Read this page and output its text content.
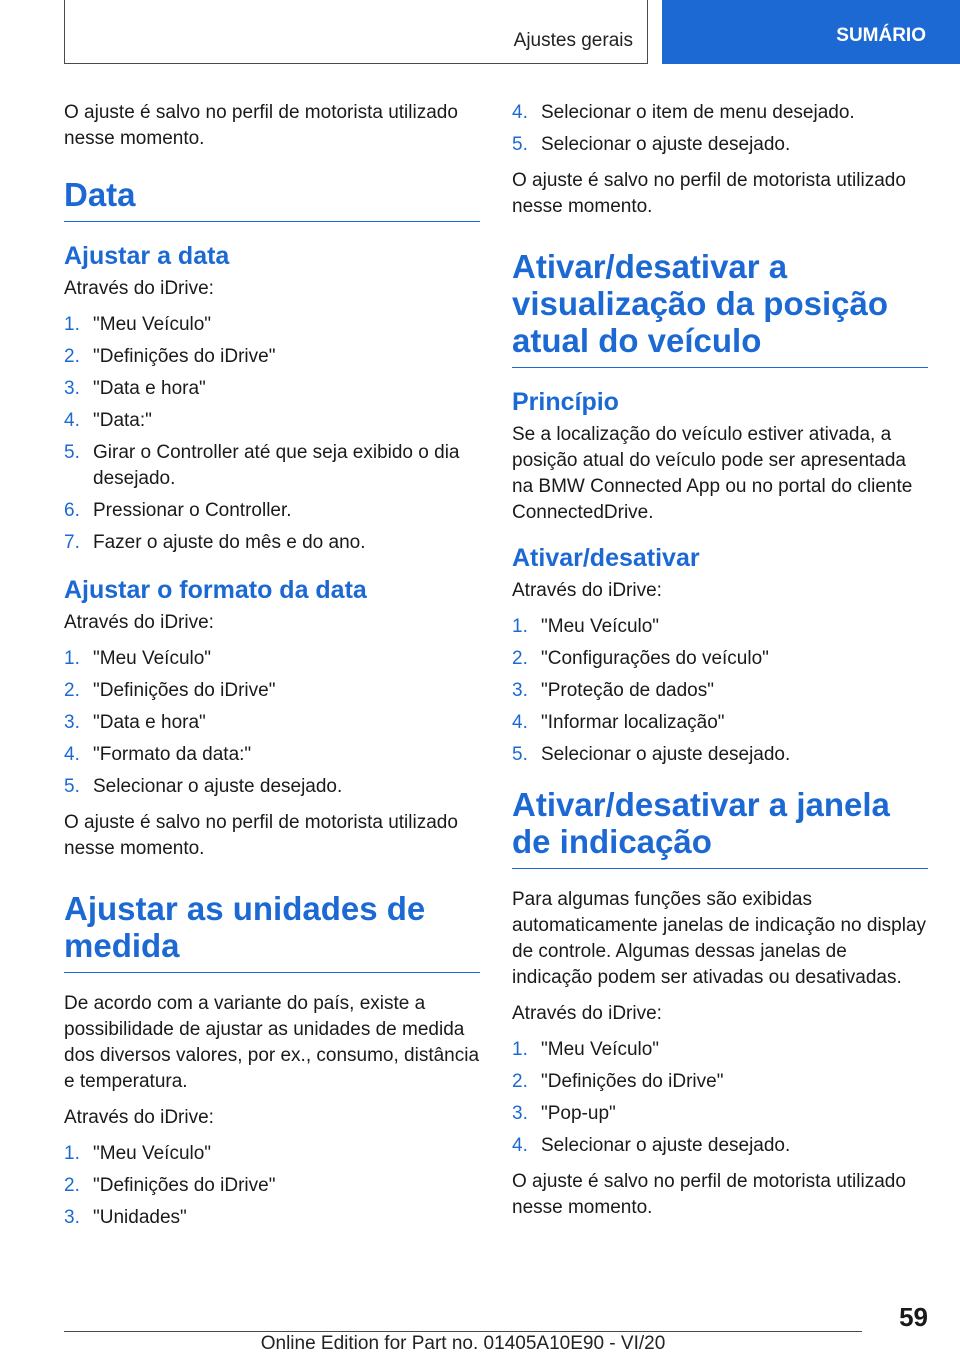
Ajustes gerais	SUMÁRIO

O ajuste é salvo no perfil de motorista utilizado nesse momento.

Data
Ajustar a data

Através do iDrive:

1. "Meu Veículo"
2. "Definições do iDrive"
3. "Data e hora"
4. "Data:"
5. Girar o Controller até que seja exibido o dia desejado.
6. Pressionar o Controller.
7. Fazer o ajuste do mês e do ano.
Ajustar o formato da data

Através do iDrive:

1. "Meu Veículo"
2. "Definições do iDrive"
3. "Data e hora"
4. "Formato da data:"
5. Selecionar o ajuste desejado.

O ajuste é salvo no perfil de motorista utilizado nesse momento.

Ajustar as unidades de medida

De acordo com a variante do país, existe a possibilidade de ajustar as unidades de medida dos diversos valores, por ex., consumo, distância e temperatura.

Através do iDrive:

1. "Meu Veículo"
2. "Definições do iDrive"
3. "Unidades"
4. Selecionar o item de menu desejado.
5. Selecionar o ajuste desejado.

O ajuste é salvo no perfil de motorista utilizado nesse momento.

Ativar/desativar a visualização da posição atual do veículo
Princípio

Se a localização do veículo estiver ativada, a posição atual do veículo pode ser apresentada na BMW Connected App ou no portal do cliente ConnectedDrive.

Ativar/desativar

Através do iDrive:

1. "Meu Veículo"
2. "Configurações do veículo"
3. "Proteção de dados"
4. "Informar localização"
5. Selecionar o ajuste desejado.
Ativar/desativar a janela de indicação

Para algumas funções são exibidas automaticamente janelas de indicação no display de controle. Algumas dessas janelas de indicação podem ser ativadas ou desativadas.

Através do iDrive:

1. "Meu Veículo"
2. "Definições do iDrive"
3. "Pop-up"
4. Selecionar o ajuste desejado.

O ajuste é salvo no perfil de motorista utilizado nesse momento.

59
Online Edition for Part no. 01405A10E90 - VI/20
